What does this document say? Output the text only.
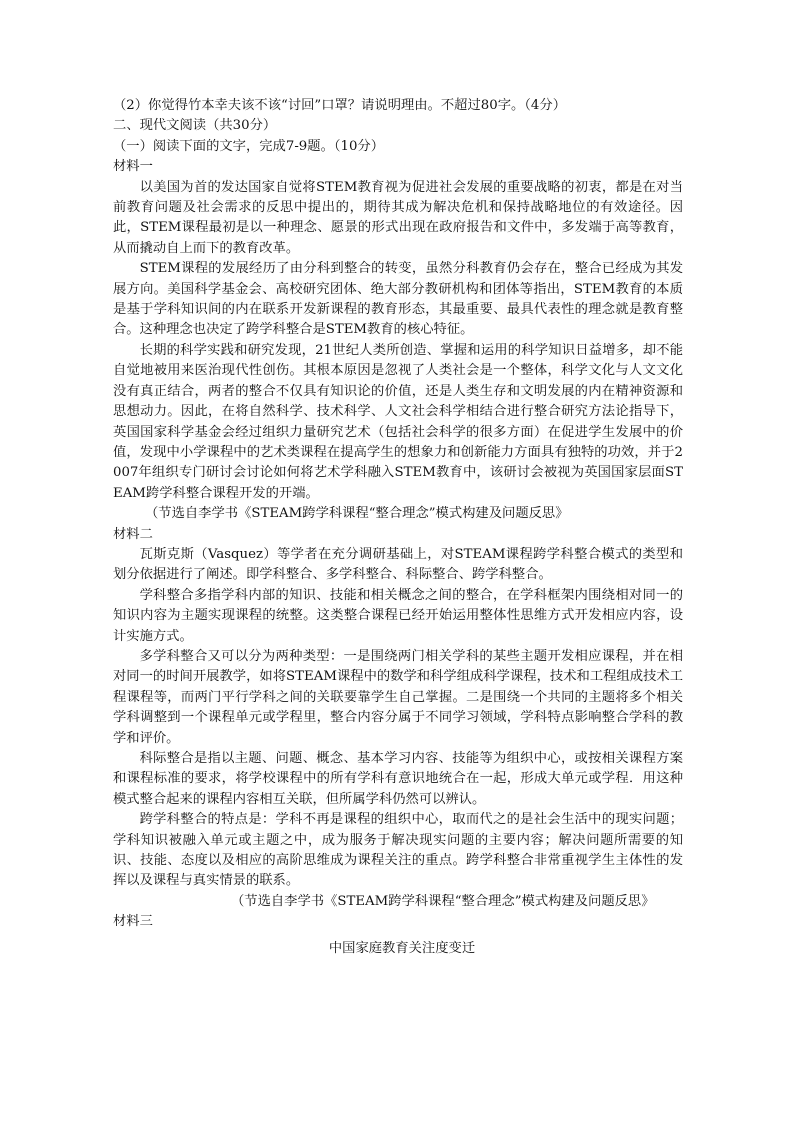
（2）你觉得竹本幸夫该不该“讨回”口罩？请说明理由。不超过80字。（4分）

二、现代文阅读（共30分）

（一）阅读下面的文字，完成7-9题。（10分）

材料一

以美国为首的发达国家自觉将STEM教育视为促进社会发展的重要战略的初衷，都是在对当前教育问题及社会需求的反思中提出的，期待其成为解决危机和保持战略地位的有效途径。因此，STEM课程最初是以一种理念、愿景的形式出现在政府报告和文件中，多发端于高等教育，从而撬动自上而下的教育改革。

STEM课程的发展经历了由分科到整合的转变，虽然分科教育仍会存在，整合已经成为其发展方向。美国科学基金会、高校研究团体、绝大部分教研机构和团体等指出，STEM教育的本质是基于学科知识间的内在联系开发新课程的教育形态，其最重要、最具代表性的理念就是教育整合。这种理念也决定了跨学科整合是STEM教育的核心特征。

长期的科学实践和研究发现，21世纪人类所创造、掌握和运用的科学知识日益增多，却不能自觉地被用来医治现代性创伤。其根本原因是忽视了人类社会是一个整体，科学文化与人文文化没有真正结合，两者的整合不仅具有知识论的价值，还是人类生存和文明发展的内在精神资源和思想动力。因此，在将自然科学、技术科学、人文社会科学相结合进行整合研究方法论指导下，英国国家科学基金会经过组织力量研究艺术（包括社会科学的很多方面）在促进学生发展中的价值，发现中小学课程中的艺术类课程在提高学生的想象力和创新能力方面具有独特的功效，并于2007年组织专门研讨会讨论如何将艺术学科融入STEM教育中，该研讨会被视为英国国家层面STEAM跨学科整合课程开发的开端。

（节选自李学书《STEAM跨学科课程“整合理念”模式构建及问题反思》

材料二

瓦斯克斯（Vasquez）等学者在充分调研基础上，对STEAM课程跨学科整合模式的类型和划分依据进行了阐述。即学科整合、多学科整合、科际整合、跨学科整合。

学科整合多指学科内部的知识、技能和相关概念之间的整合，在学科框架内围绕相对同一的知识内容为主题实现课程的统整。这类整合课程已经开始运用整体性思维方式开发相应内容，设计实施方式。

多学科整合又可以分为两种类型：一是围绕两门相关学科的某些主题开发相应课程，并在相对同一的时间开展教学，如将STEAM课程中的数学和科学组成科学课程，技术和工程组成技术工程课程等，而两门平行学科之间的关联要靠学生自己掌握。二是围绕一个共同的主题将多个相关学科调整到一个课程单元或学程里，整合内容分属于不同学习领域，学科特点影响整合学科的教学和评价。

科际整合是指以主题、问题、概念、基本学习内容、技能等为组织中心，或按相关课程方案和课程标准的要求，将学校课程中的所有学科有意识地统合在一起，形成大单元或学程．用这种模式整合起来的课程内容相互关联，但所属学科仍然可以辨认。

跨学科整合的特点是：学科不再是课程的组织中心，取而代之的是社会生活中的现实问题；学科知识被融入单元或主题之中，成为服务于解决现实问题的主要内容；解决问题所需要的知识、技能、态度以及相应的高阶思维成为课程关注的重点。跨学科整合非常重视学生主体性的发挥以及课程与真实情景的联系。

（节选自李学书《STEAM跨学科课程“整合理念”模式构建及问题反思》

材料三

中国家庭教育关注度变迁
